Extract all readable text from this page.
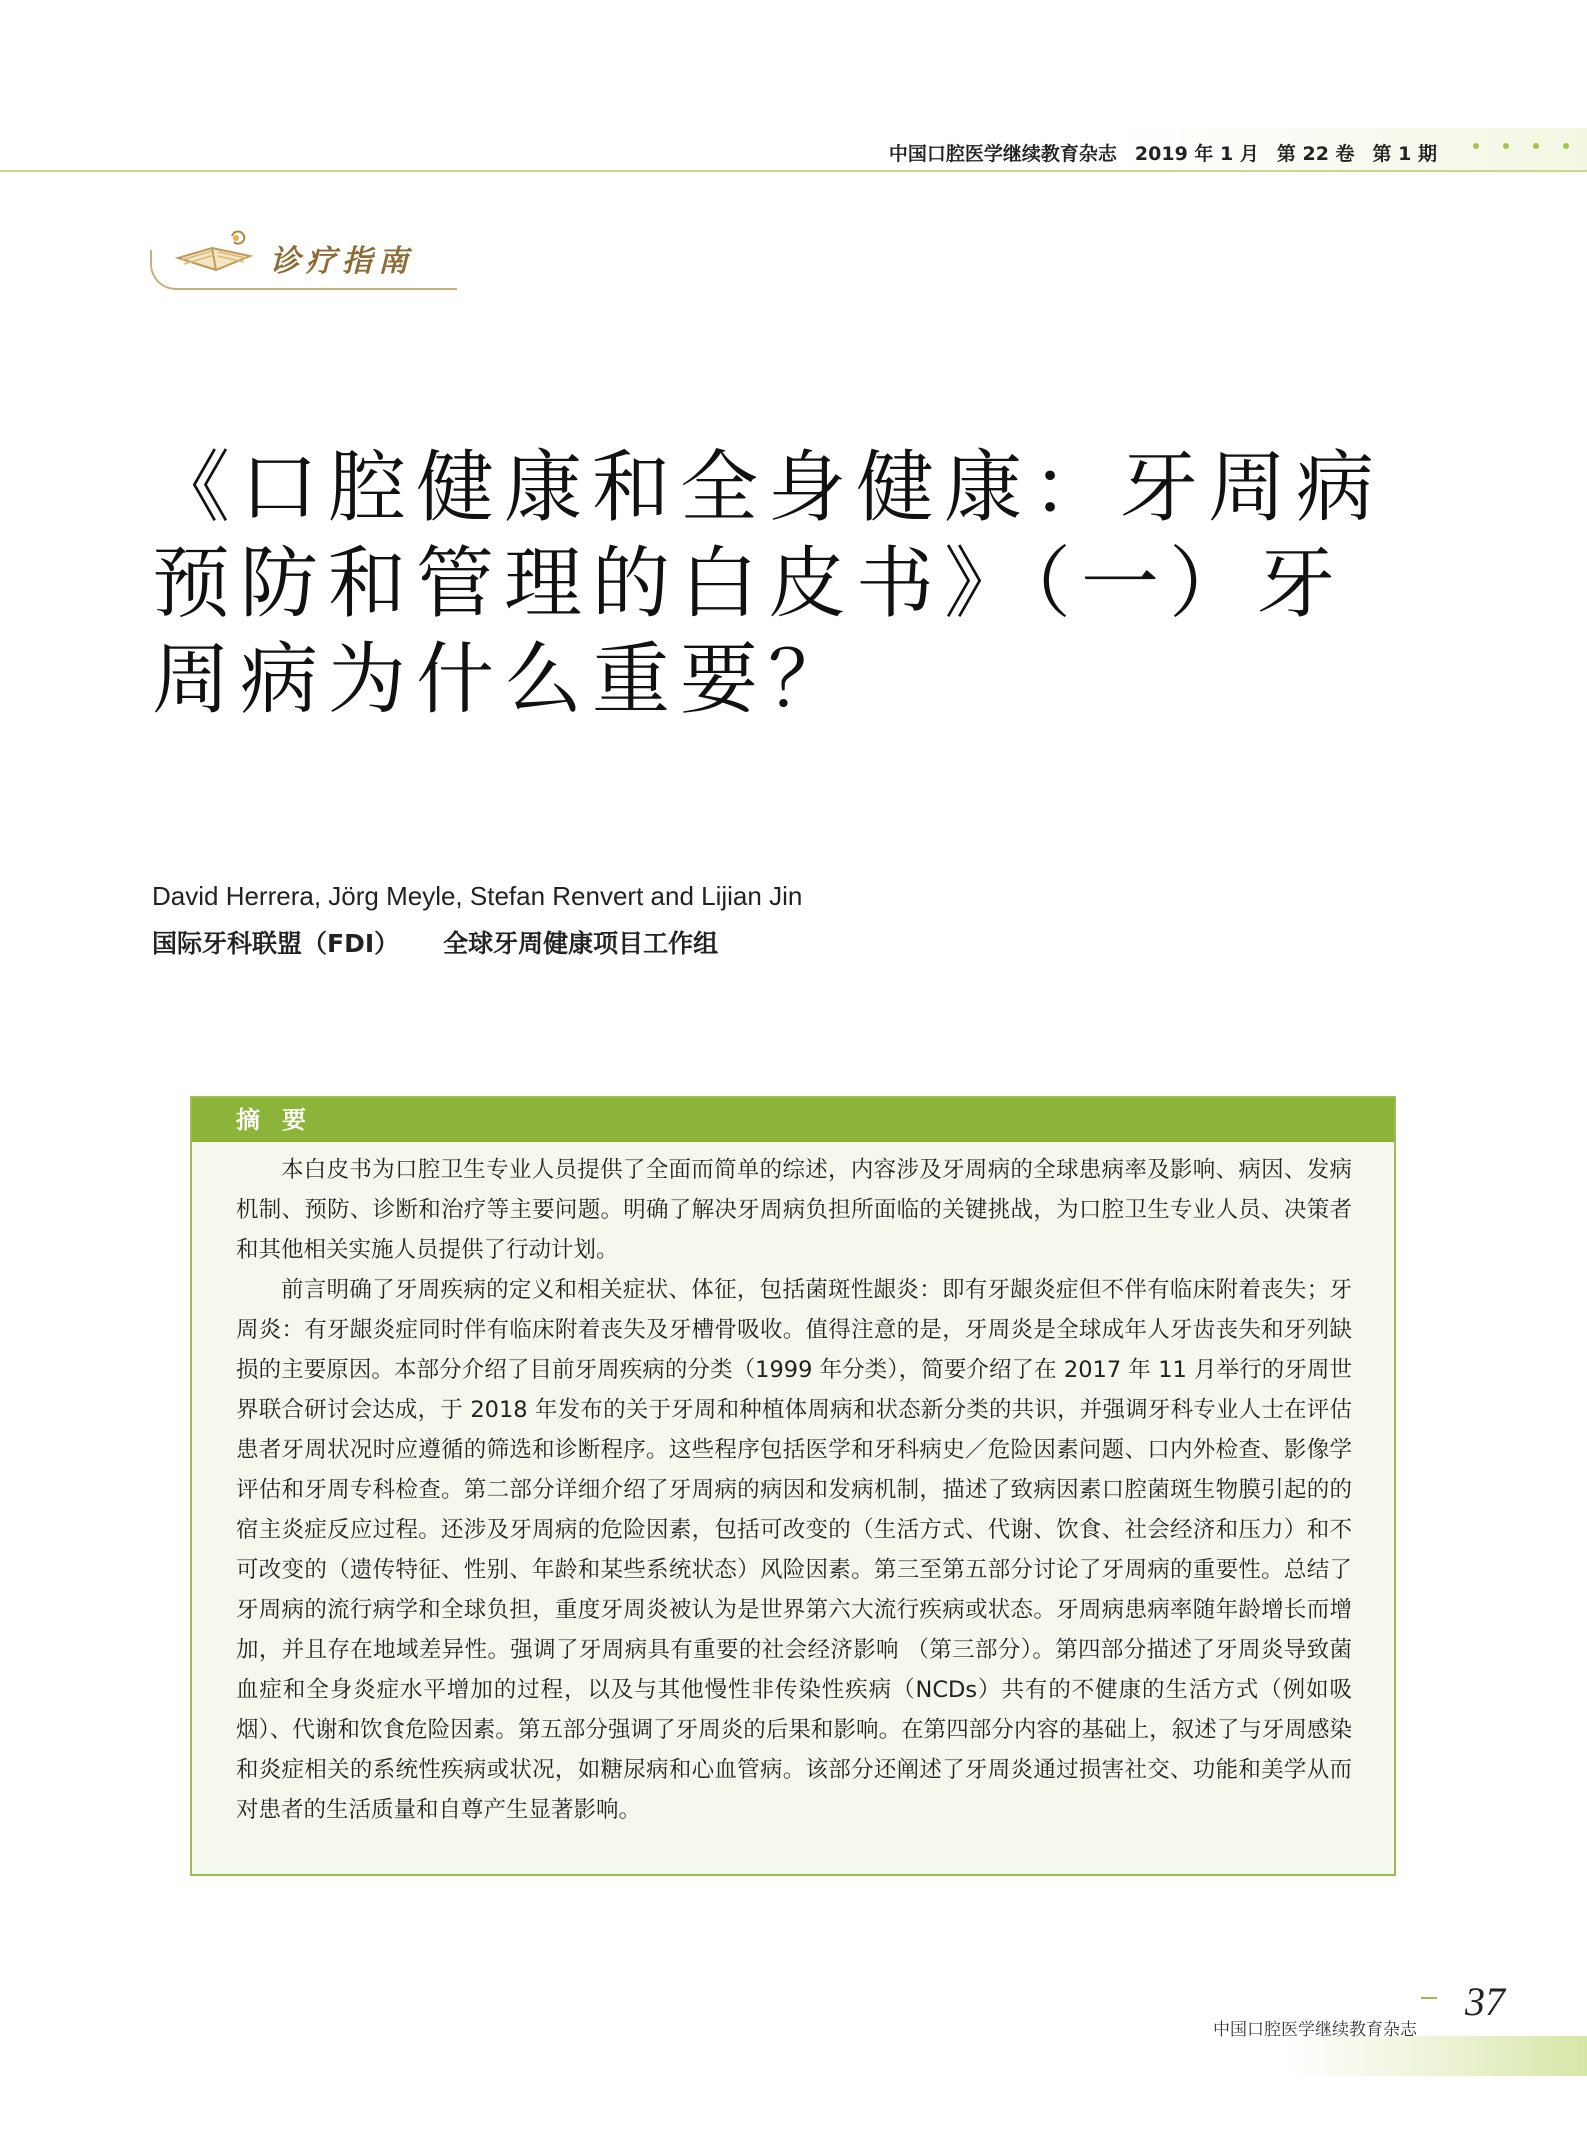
中国口腔医学继续教育杂志 2019 年 1 月 第 22 卷 第 1 期
诊疗指南
《口腔健康和全身健康：牙周病
预防和管理的白皮书》（一）牙
周病为什么重要？
David Herrera, Jörg Meyle, Stefan Renvert and Lijian Jin
国际牙科联盟（FDI） 全球牙周健康项目工作组
摘要

本白皮书为口腔卫生专业人员提供了全面而简单的综述，内容涉及牙周病的全球患病率及影响、病因、发病机制、预防、诊断和治疗等主要问题。明确了解决牙周病负担所面临的关键挑战，为口腔卫生专业人员、决策者和其他相关实施人员提供了行动计划。

前言明确了牙周疾病的定义和相关症状、体征，包括菌斑性龈炎：即有牙龈炎症但不伴有临床附着丧失；牙周炎：有牙龈炎症同时伴有临床附着丧失及牙槽骨吸收。值得注意的是，牙周炎是全球成年人牙齿丧失和牙列缺损的主要原因。本部分介绍了目前牙周疾病的分类（1999 年分类），简要介绍了在 2017 年 11 月举行的牙周世界联合研讨会达成，于 2018 年发布的关于牙周和种植体周病和状态新分类的共识，并强调牙科专业人士在评估患者牙周状况时应遵循的筛选和诊断程序。这些程序包括医学和牙科病史／危险因素问题、口内外检查、影像学评估和牙周专科检查。第二部分详细介绍了牙周病的病因和发病机制，描述了致病因素口腔菌斑生物膜引起的的宿主炎症反应过程。还涉及牙周病的危险因素，包括可改变的（生活方式、代谢、饮食、社会经济和压力）和不可改变的（遗传特征、性别、年龄和某些系统状态）风险因素。第三至第五部分讨论了牙周病的重要性。总结了牙周病的流行病学和全球负担，重度牙周炎被认为是世界第六大流行疾病或状态。牙周病患病率随年龄增长而增加，并且存在地域差异性。强调了牙周病具有重要的社会经济影响 （第三部分）。第四部分描述了牙周炎导致菌血症和全身炎症水平增加的过程，以及与其他慢性非传染性疾病（NCDs）共有的不健康的生活方式（例如吸烟）、代谢和饮食危险因素。第五部分强调了牙周炎的后果和影响。在第四部分内容的基础上，叙述了与牙周感染和炎症相关的系统性疾病或状况，如糖尿病和心血管病。该部分还阐述了牙周炎通过损害社交、功能和美学从而对患者的生活质量和自尊产生显著影响。

中国口腔医学继续教育杂志
37
